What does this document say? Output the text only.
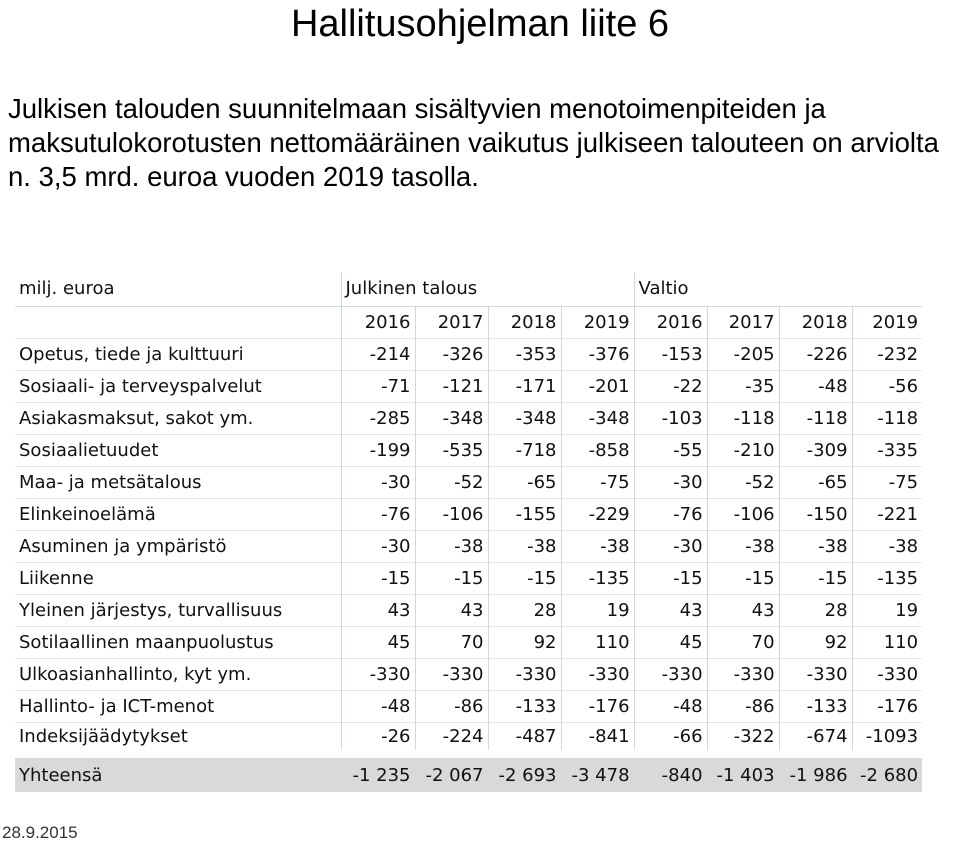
Hallitusohjelman liite 6
Julkisen talouden suunnitelmaan sisältyvien menotoimenpiteiden ja maksutulokorotusten nettomääräinen vaikutus julkiseen talouteen on arviolta n. 3,5 mrd. euroa vuoden 2019 tasolla.
milj. euroa	Julkinen talous				Valtio			
	2016	2017	2018	2019	2016	2017	2018	2019
Opetus, tiede ja kulttuuri	-214	-326	-353	-376	-153	-205	-226	-232
Sosiaali- ja terveyspalvelut	-71	-121	-171	-201	-22	-35	-48	-56
Asiakasmaksut, sakot ym.	-285	-348	-348	-348	-103	-118	-118	-118
Sosiaalietuudet	-199	-535	-718	-858	-55	-210	-309	-335
Maa- ja metsätalous	-30	-52	-65	-75	-30	-52	-65	-75
Elinkeinoelämä	-76	-106	-155	-229	-76	-106	-150	-221
Asuminen ja ympäristö	-30	-38	-38	-38	-30	-38	-38	-38
Liikenne	-15	-15	-15	-135	-15	-15	-15	-135
Yleinen järjestys, turvallisuus	43	43	28	19	43	43	28	19
Sotilaallinen maanpuolustus	45	70	92	110	45	70	92	110
Ulkoasianhallinto, kyt ym.	-330	-330	-330	-330	-330	-330	-330	-330
Hallinto- ja ICT-menot	-48	-86	-133	-176	-48	-86	-133	-176
Indeksijäädytykset	-26	-224	-487	-841	-66	-322	-674	-1093
Yhteensä	-1 235	-2 067	-2 693	-3 478	-840	-1 403	-1 986	-2 680
28.9.2015
